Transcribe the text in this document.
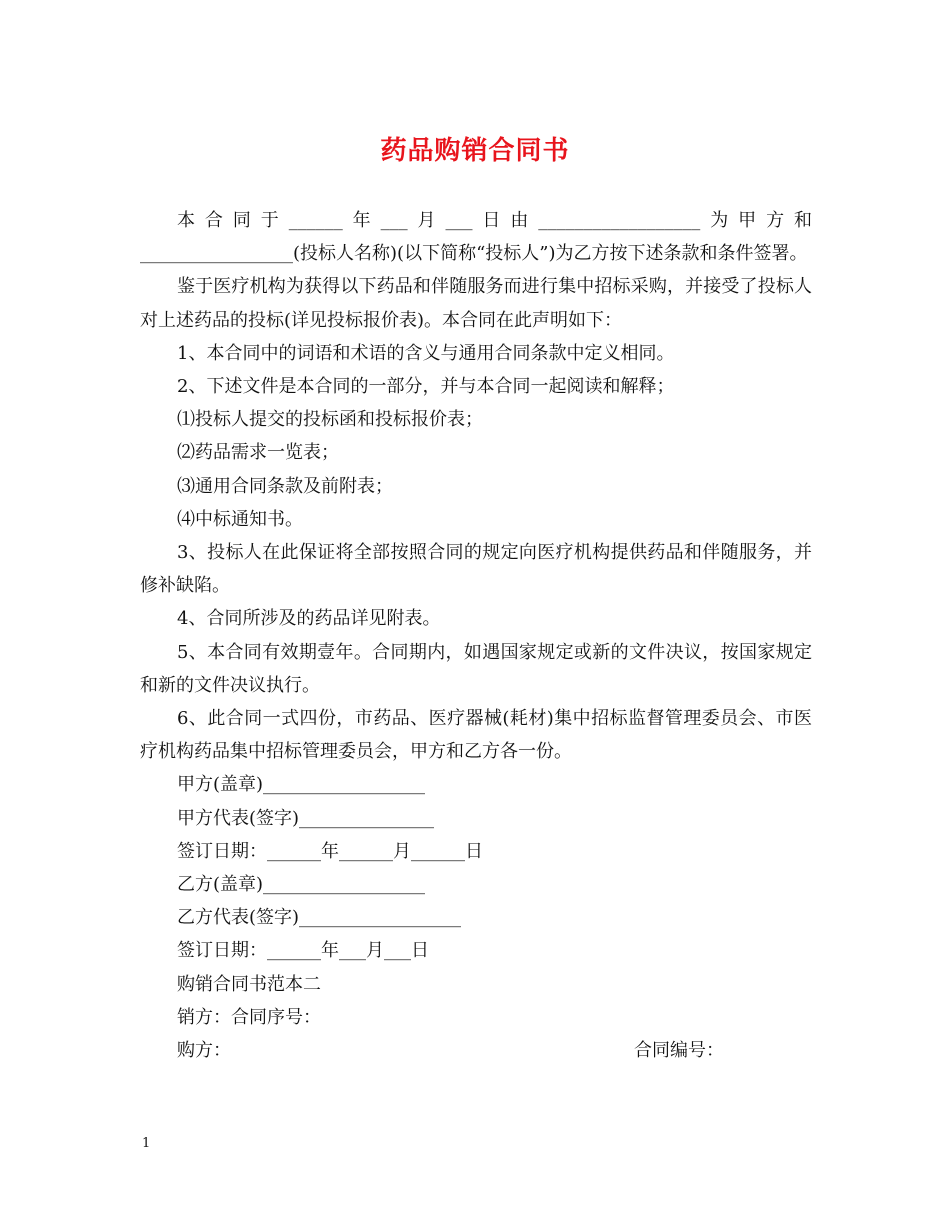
药品购销合同书

本合同于______年___月___日由__________________为甲方和_________________(投标人名称)(以下简称“投标人”)为乙方按下述条款和条件签署。

鉴于医疗机构为获得以下药品和伴随服务而进行集中招标采购，并接受了投标人对上述药品的投标(详见投标报价表)。本合同在此声明如下：

1、本合同中的词语和术语的含义与通用合同条款中定义相同。

2、下述文件是本合同的一部分，并与本合同一起阅读和解释；

⑴投标人提交的投标函和投标报价表；

⑵药品需求一览表；

⑶通用合同条款及前附表；

⑷中标通知书。

3、投标人在此保证将全部按照合同的规定向医疗机构提供药品和伴随服务，并修补缺陷。

4、合同所涉及的药品详见附表。

5、本合同有效期壹年。合同期内，如遇国家规定或新的文件决议，按国家规定和新的文件决议执行。

6、此合同一式四份，市药品、医疗器械(耗材)集中招标监督管理委员会、市医疗机构药品集中招标管理委员会，甲方和乙方各一份。

甲方(盖章)__________________
甲方代表(签字)_______________
签订日期：______年______月______日
乙方(盖章)__________________
乙方代表(签字)__________________
签订日期：______年___月___日
购销合同书范本二
销方：合同序号：
购方：	合同编号：
1
